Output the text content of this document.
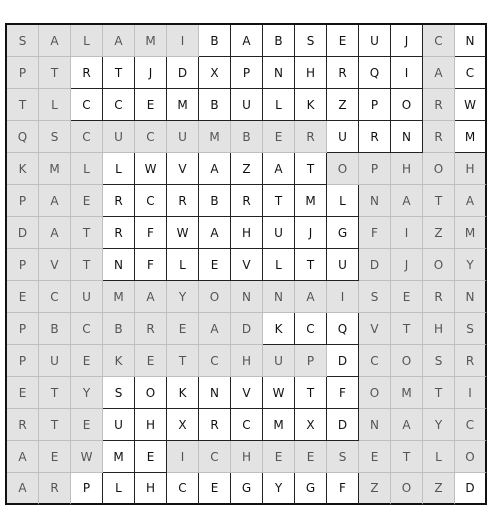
S	A	L	A	M	I	B	A	B	S	E	U	J	C	N
P	T	R	T	J	D	X	P	N	H	R	Q	I	A	C
T	L	C	C	E	M	B	U	L	K	Z	P	O	R	W
Q	S	C	U	C	U	M	B	E	R	U	R	N	R	M
K	M	L	L	W	V	A	Z	A	T	O	P	H	O	H
P	A	E	R	C	R	B	R	T	M	L	N	A	T	A
D	A	T	R	F	W	A	H	U	J	G	F	I	Z	M
P	V	T	N	F	L	E	V	L	T	U	D	J	O	Y
E	C	U	M	A	Y	O	N	N	A	I	S	E	R	N
P	B	C	B	R	E	A	D	K	C	Q	V	T	H	S
P	U	E	K	E	T	C	H	U	P	D	C	O	S	R
E	T	Y	S	O	K	N	V	W	T	F	O	M	T	I
R	T	E	U	H	X	R	C	M	X	D	N	A	Y	C
A	E	W	M	E	I	C	H	E	E	S	E	T	L	O
A	R	P	L	H	C	E	G	Y	G	F	Z	O	Z	D
